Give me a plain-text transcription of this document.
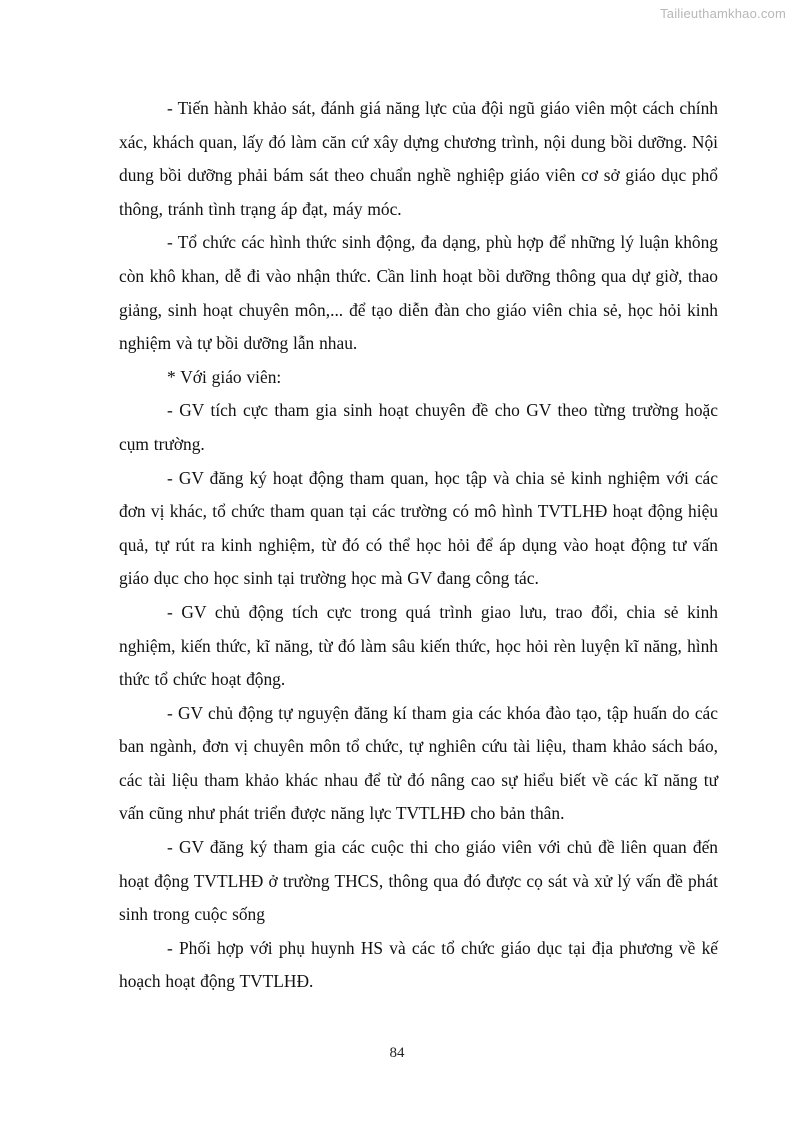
Tailieuthamkhao.com

- Tiến hành khảo sát, đánh giá năng lực của đội ngũ giáo viên một cách chính xác, khách quan, lấy đó làm căn cứ xây dựng chương trình, nội dung bồi dưỡng. Nội dung bồi dưỡng phải bám sát theo chuẩn nghề nghiệp giáo viên cơ sở giáo dục phổ thông, tránh tình trạng áp đạt, máy móc.

- Tổ chức các hình thức sinh động, đa dạng, phù hợp để những lý luận không còn khô khan, dễ đi vào nhận thức. Cần linh hoạt bồi dưỡng thông qua dự giờ, thao giảng, sinh hoạt chuyên môn,... để tạo diễn đàn cho giáo viên chia sẻ, học hỏi kinh nghiệm và tự bồi dưỡng lẫn nhau.

* Với giáo viên:

- GV tích cực tham gia sinh hoạt chuyên đề cho GV theo từng trường hoặc cụm trường.

- GV đăng ký hoạt động tham quan, học tập và chia sẻ kinh nghiệm với các đơn vị khác, tổ chức tham quan tại các trường có mô hình TVTLHĐ hoạt động hiệu quả, tự rút ra kinh nghiệm, từ đó có thể học hỏi để áp dụng vào hoạt động tư vấn giáo dục cho học sinh tại trường học mà GV đang công tác.

- GV chủ động tích cực trong quá trình giao lưu, trao đổi, chia sẻ kinh nghiệm, kiến thức, kĩ năng, từ đó làm sâu kiến thức, học hỏi rèn luyện kĩ năng, hình thức tổ chức hoạt động.

- GV chủ động tự nguyện đăng kí tham gia các khóa đào tạo, tập huấn do các ban ngành, đơn vị chuyên môn tổ chức, tự nghiên cứu tài liệu, tham khảo sách báo, các tài liệu tham khảo khác nhau để từ đó nâng cao sự hiểu biết về các kĩ năng tư vấn cũng như phát triển được năng lực TVTLHĐ cho bản thân.

- GV đăng ký tham gia các cuộc thi cho giáo viên với chủ đề liên quan đến hoạt động TVTLHĐ ở trường THCS, thông qua đó được cọ sát và xử lý vấn đề phát sinh trong cuộc sống

- Phối hợp với phụ huynh HS và các tổ chức giáo dục tại địa phương về kế hoạch hoạt động TVTLHĐ.

84
